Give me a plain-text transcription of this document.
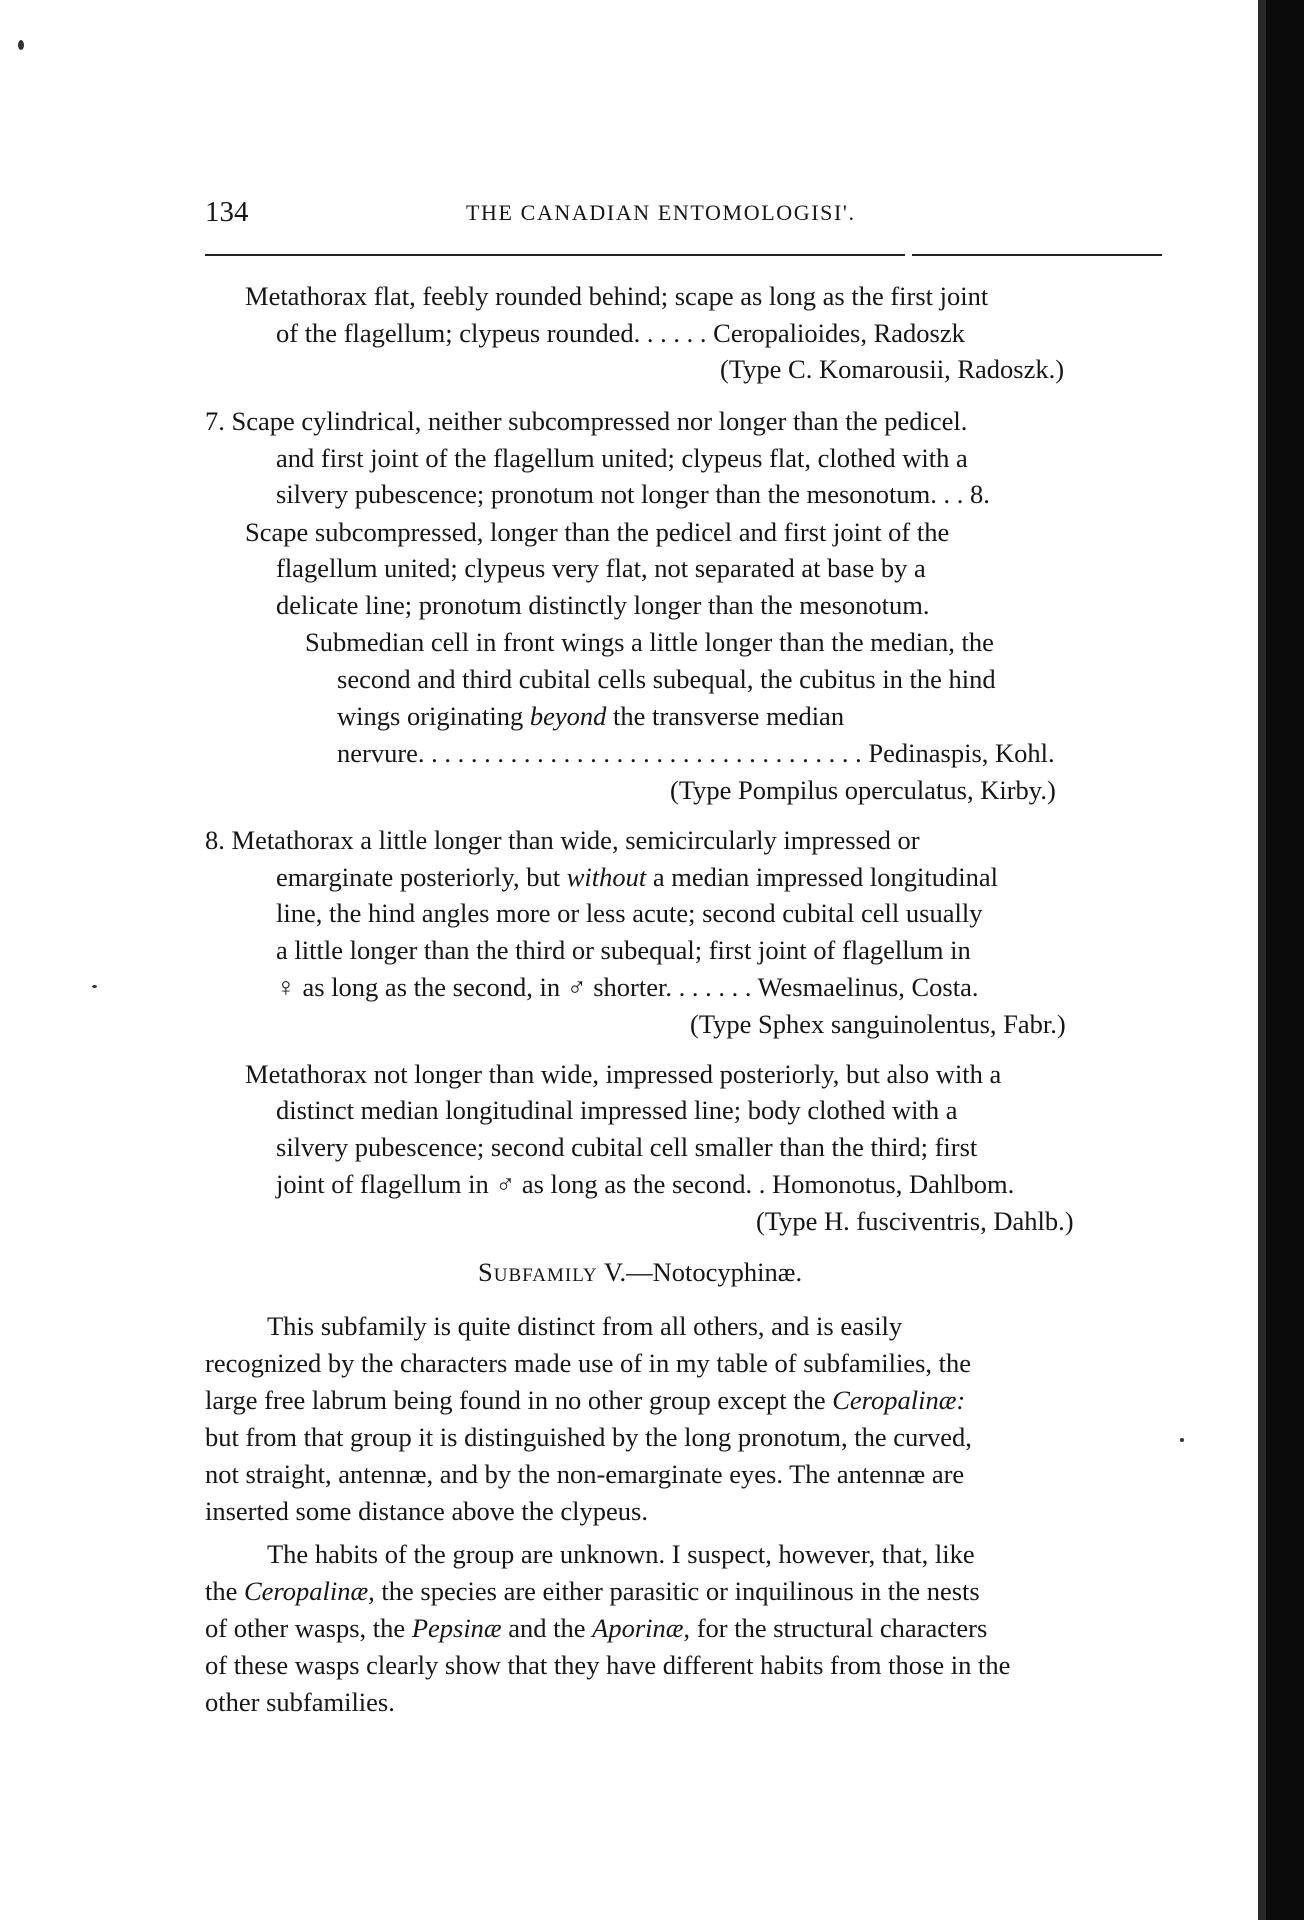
134	THE CANADIAN ENTOMOLOGISI'.
Metathorax flat, feebly rounded behind; scape as long as the first joint
of the flagellum; clypeus rounded. . . . . . Ceropalioides, Radoszk
(Type C. Komarousii, Radoszk.)
7. Scape cylindrical, neither subcompressed nor longer than the pedicel.
and first joint of the flagellum united; clypeus flat, clothed with a
silvery pubescence; pronotum not longer than the mesonotum. . . 8.
Scape subcompressed, longer than the pedicel and first joint of the
flagellum united; clypeus very flat, not separated at base by a
delicate line; pronotum distinctly longer than the mesonotum.
Submedian cell in front wings a little longer than the median, the
second and third cubital cells subequal, the cubitus in the hind
wings originating beyond the transverse median
nervure. . . . . . . . . . . . . . . . . . . . . . . . . . . . . . . . . . Pedinaspis, Kohl.
(Type Pompilus operculatus, Kirby.)
8. Metathorax a little longer than wide, semicircularly impressed or
emarginate posteriorly, but without a median impressed longitudinal
line, the hind angles more or less acute; second cubital cell usually
a little longer than the third or subequal; first joint of flagellum in
♀ as long as the second, in ♂ shorter. . . . . . . Wesmaelinus, Costa.
(Type Sphex sanguinolentus, Fabr.)
Metathorax not longer than wide, impressed posteriorly, but also with a
distinct median longitudinal impressed line; body clothed with a
silvery pubescence; second cubital cell smaller than the third; first
joint of flagellum in ♂ as long as the second. . Homonotus, Dahlbom.
(Type H. fusciventris, Dahlb.)
Subfamily V.—Notocyphinæ.
This subfamily is quite distinct from all others, and is easily
recognized by the characters made use of in my table of subfamilies, the
large free labrum being found in no other group except the Ceropalinæ:
but from that group it is distinguished by the long pronotum, the curved,
not straight, antennæ, and by the non-emarginate eyes. The antennæ are
inserted some distance above the clypeus.
The habits of the group are unknown. I suspect, however, that, like
the Ceropalinæ, the species are either parasitic or inquilinous in the nests
of other wasps, the Pepsinæ and the Aporinæ, for the structural characters
of these wasps clearly show that they have different habits from those in the
other subfamilies.
